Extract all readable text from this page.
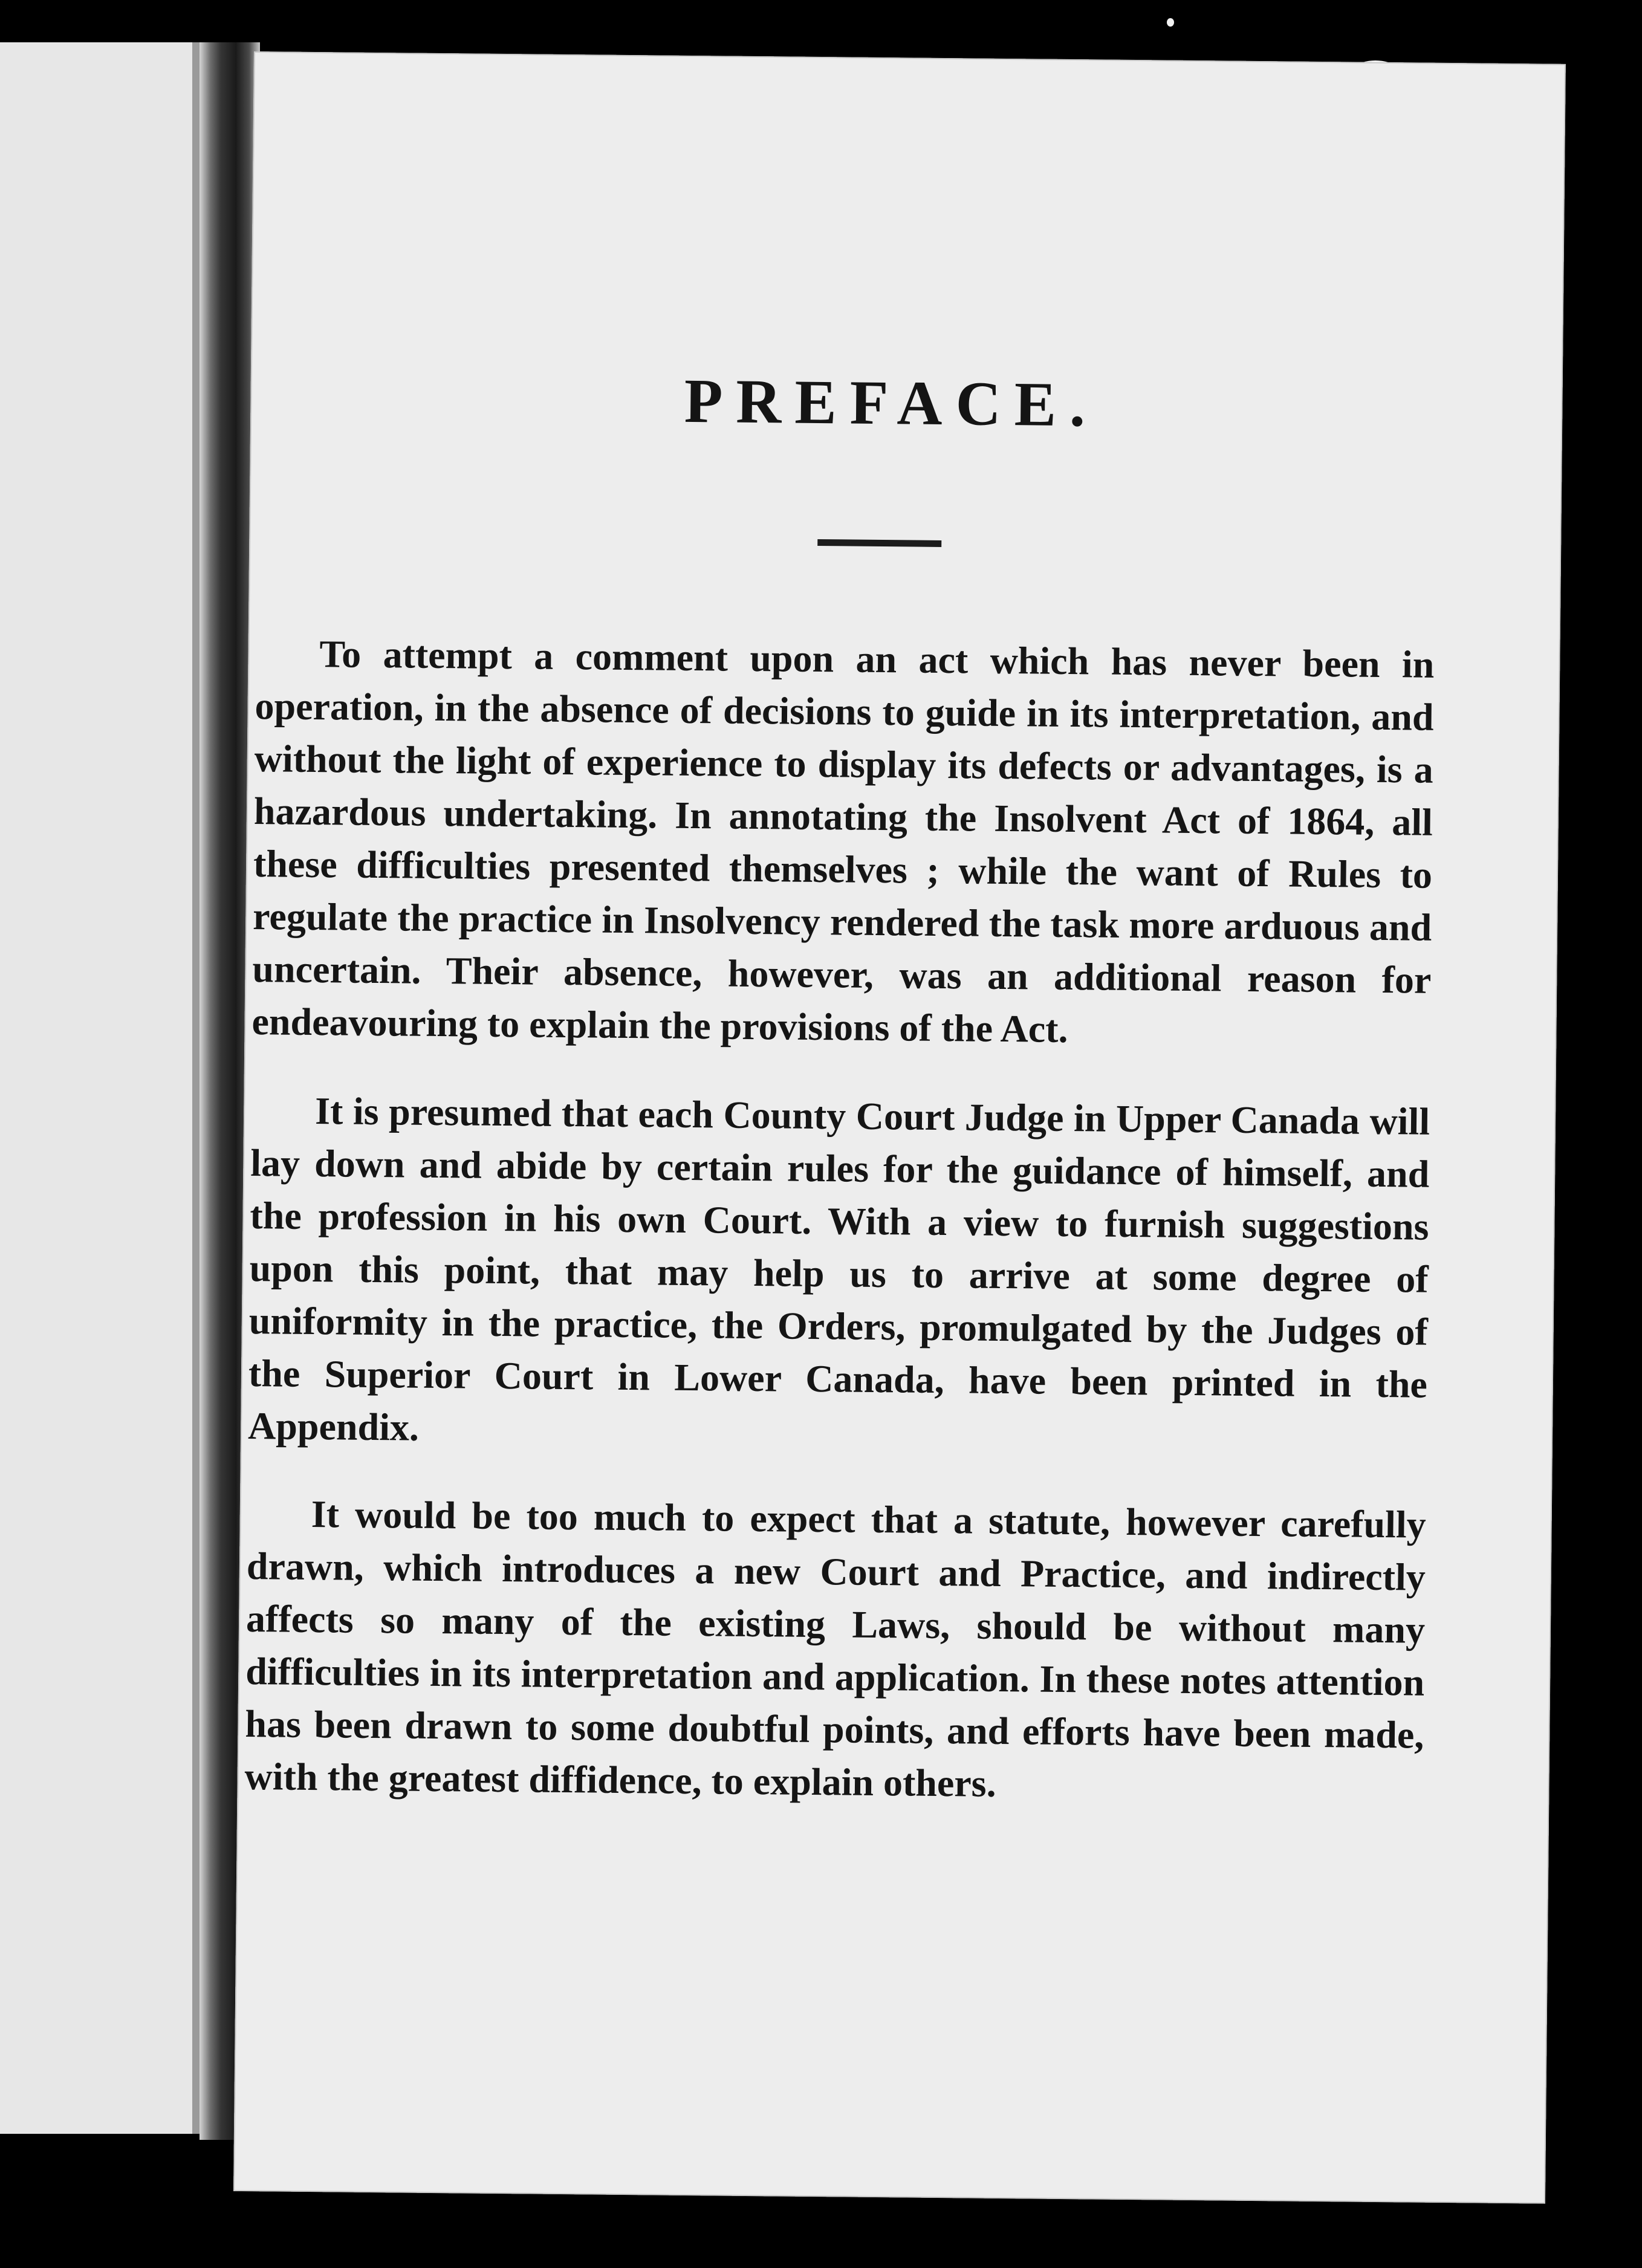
PREFACE.

To attempt a comment upon an act which has never been in operation, in the absence of decisions to guide in its interpretation, and without the light of experience to display its defects or advantages, is a hazardous undertaking. In annotating the Insolvent Act of 1864, all these difficulties presented themselves ; while the want of Rules to regulate the practice in Insolvency rendered the task more arduous and uncertain. Their absence, however, was an additional reason for endeavouring to explain the provisions of the Act.

It is presumed that each County Court Judge in Upper Canada will lay down and abide by certain rules for the guidance of himself, and the profession in his own Court. With a view to furnish suggestions upon this point, that may help us to arrive at some degree of uniformity in the practice, the Orders, promulgated by the Judges of the Superior Court in Lower Canada, have been printed in the Appendix.

It would be too much to expect that a statute, however carefully drawn, which introduces a new Court and Practice, and indirectly affects so many of the existing Laws, should be without many difficulties in its interpretation and application. In these notes attention has been drawn to some doubtful points, and efforts have been made, with the greatest diffidence, to explain others.
